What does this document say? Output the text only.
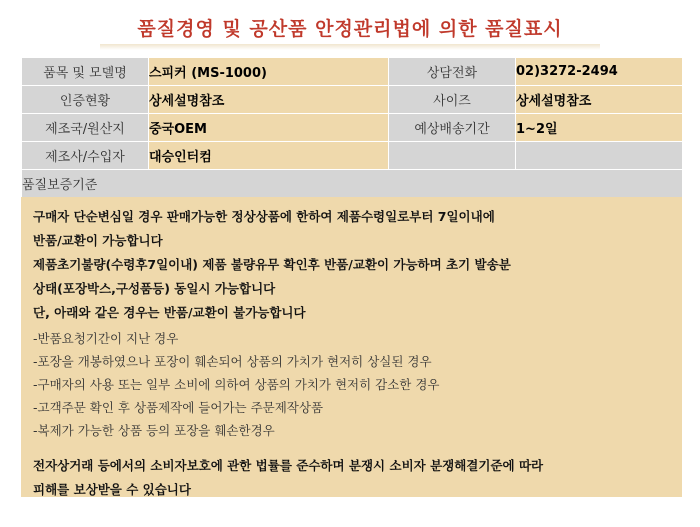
품질경영 및 공산품 안정관리법에 의한 품질표시
품목 및 모델명	스피커 (MS-1000)	상담전화	02)3272-2494
인증현황	상세설명참조	사이즈	상세설명참조
제조국/원산지	중국OEM	예상배송기간	1~2일
제조사/수입자	대승인터컴		
품질보증기준			
구매자 단순변심일 경우 판매가능한 정상상품에 한하여 제품수령일로부터 7일이내에
반품/교환이 가능합니다
제품초기불량(수령후7일이내) 제품 불량유무 확인후 반품/교환이 가능하며 초기 발송분
상태(포장박스,구성품등) 동일시 가능합니다
단, 아래와 같은 경우는 반품/교환이 불가능합니다
-반품요청기간이 지난 경우
-포장을 개봉하였으나 포장이 훼손되어 상품의 가치가 현저히 상실된 경우
-구매자의 사용 또는 일부 소비에 의하여 상품의 가치가 현저히 감소한 경우
-고객주문 확인 후 상품제작에 들어가는 주문제작상품
-복제가 가능한 상품 등의 포장을 훼손한경우
전자상거래 등에서의 소비자보호에 관한 법률를 준수하며 분쟁시 소비자 분쟁해결기준에 따라
피해를 보상받을 수 있습니다
